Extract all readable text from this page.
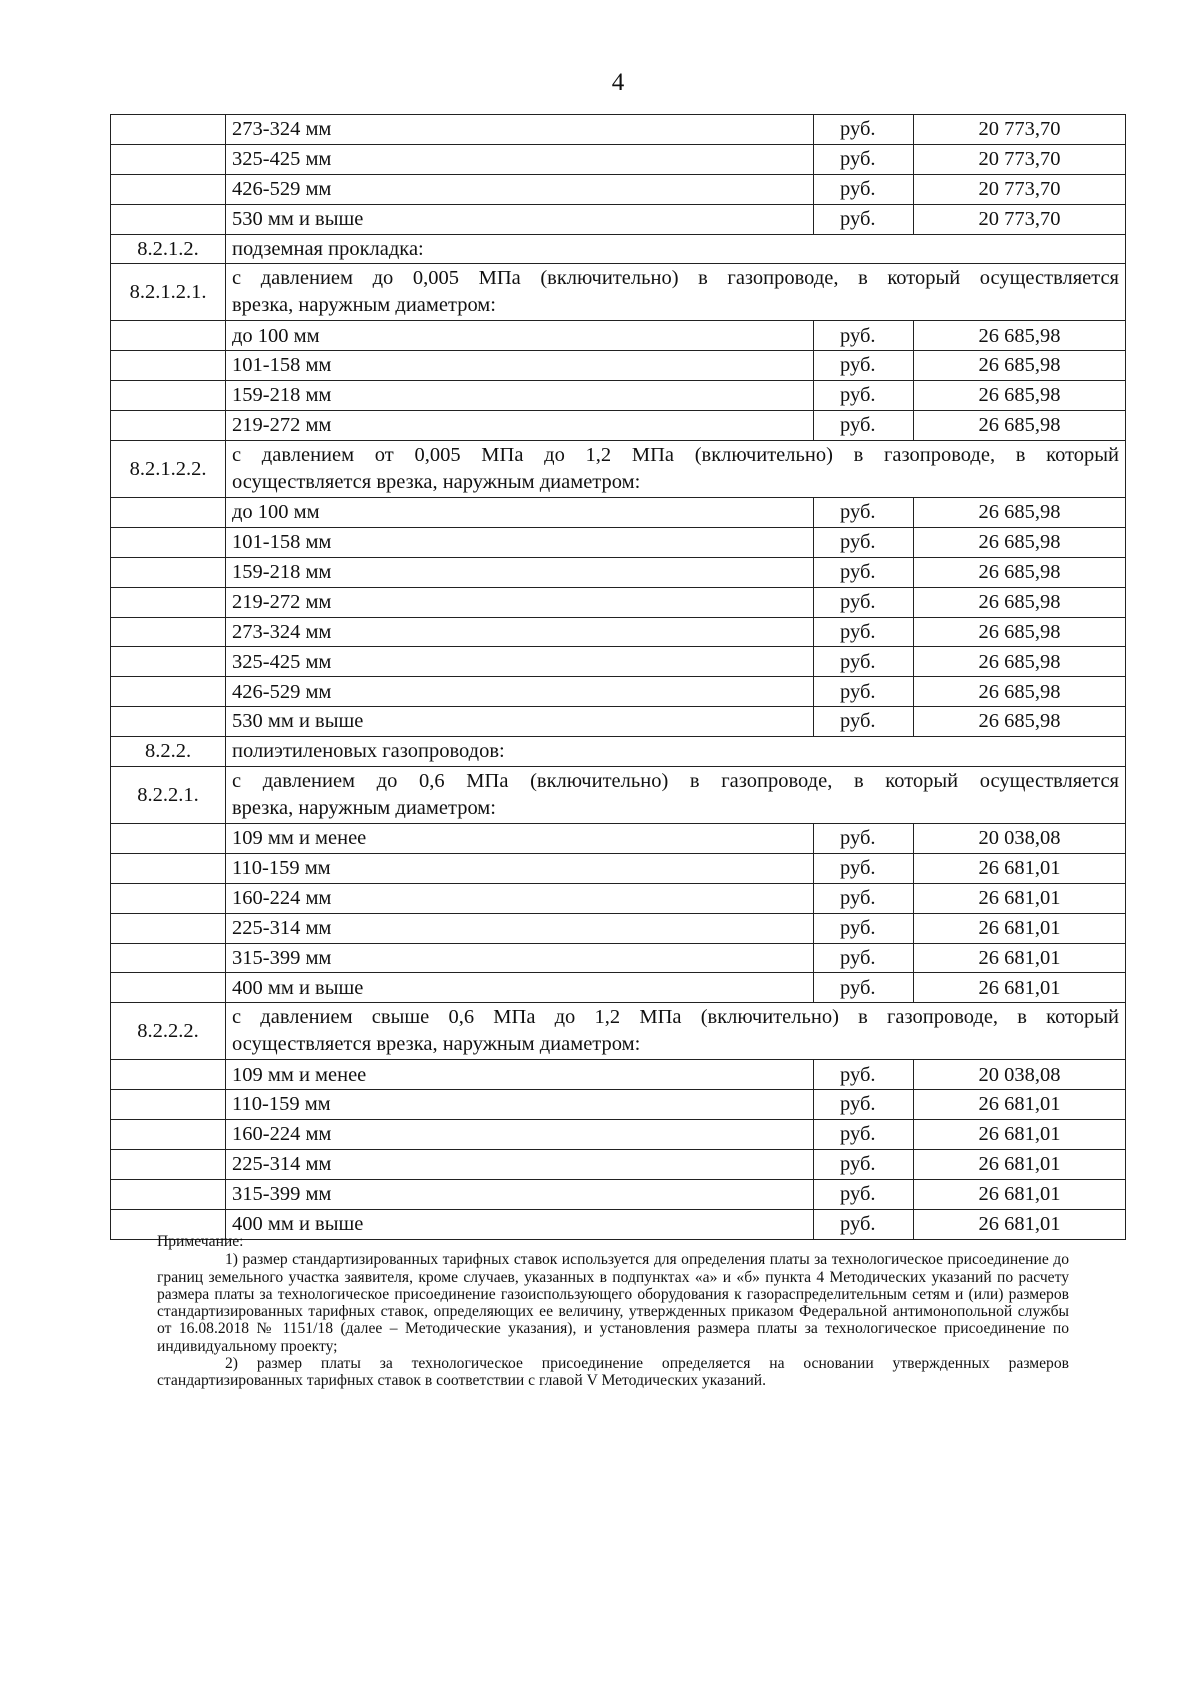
4
	273-324 мм	руб.	20 773,70
	325-425 мм	руб.	20 773,70
	426-529 мм	руб.	20 773,70
	530 мм и выше	руб.	20 773,70
8.2.1.2.	подземная прокладка:		
8.2.1.2.1.	с давлением до 0,005 МПа (включительно) в газопроводе, в который осуществляется
врезка, наружным диаметром:		

	до 100 мм	руб.	26 685,98
	101-158 мм	руб.	26 685,98
	159-218 мм	руб.	26 685,98
	219-272 мм	руб.	26 685,98
8.2.1.2.2.	с давлением от 0,005 МПа до 1,2 МПа (включительно) в газопроводе, в который
осуществляется врезка, наружным диаметром:		

	до 100 мм	руб.	26 685,98
	101-158 мм	руб.	26 685,98
	159-218 мм	руб.	26 685,98
	219-272 мм	руб.	26 685,98
	273-324 мм	руб.	26 685,98
	325-425 мм	руб.	26 685,98
	426-529 мм	руб.	26 685,98
	530 мм и выше	руб.	26 685,98
8.2.2.	полиэтиленовых газопроводов:		
8.2.2.1.	с давлением до 0,6 МПа (включительно) в газопроводе, в который осуществляется
врезка, наружным диаметром:		

	109 мм и менее	руб.	20 038,08
	110-159 мм	руб.	26 681,01
	160-224 мм	руб.	26 681,01
	225-314 мм	руб.	26 681,01
	315-399 мм	руб.	26 681,01
	400 мм и выше	руб.	26 681,01
8.2.2.2.	с давлением свыше 0,6 МПа до 1,2 МПа (включительно) в газопроводе, в который
осуществляется врезка, наружным диаметром:		

	109 мм и менее	руб.	20 038,08
	110-159 мм	руб.	26 681,01
	160-224 мм	руб.	26 681,01
	225-314 мм	руб.	26 681,01
	315-399 мм	руб.	26 681,01
	400 мм и выше	руб.	26 681,01

Примечание:

1) размер стандартизированных тарифных ставок используется для определения платы за технологическое присоединение до границ земельного участка заявителя, кроме случаев, указанных в подпунктах «а» и «б» пункта 4 Методических указаний по расчету размера платы за технологическое присоединение газоиспользующего оборудования к газораспределительным сетям и (или) размеров стандартизированных тарифных ставок, определяющих ее величину, утвержденных приказом Федеральной антимонопольной службы от 16.08.2018 № 1151/18 (далее – Методические указания), и установления размера платы за технологическое присоединение по индивидуальному проекту;

2) размер платы за технологическое присоединение определяется на основании утвержденных размеров стандартизированных тарифных ставок в соответствии с главой V Методических указаний.
